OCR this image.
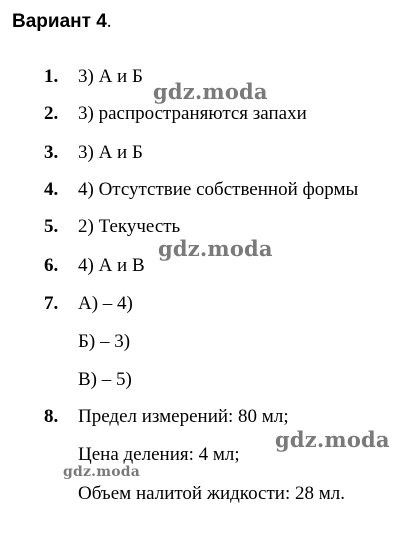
Вариант 4.
1.	3) А и Б
2.	3) распространяются запахи
3.	3) А и Б
4.	4) Отсутствие собственной формы
5.	2) Текучесть
6.	4) А и В
7.	А) – 4)
Б) – 3)
В) – 5)
8.	Предел измерений: 80 мл;
Цена деления: 4 мл;
Объем налитой жидкости: 28 мл.
gdz.moda
gdz.moda
gdz.moda
gdz.moda
